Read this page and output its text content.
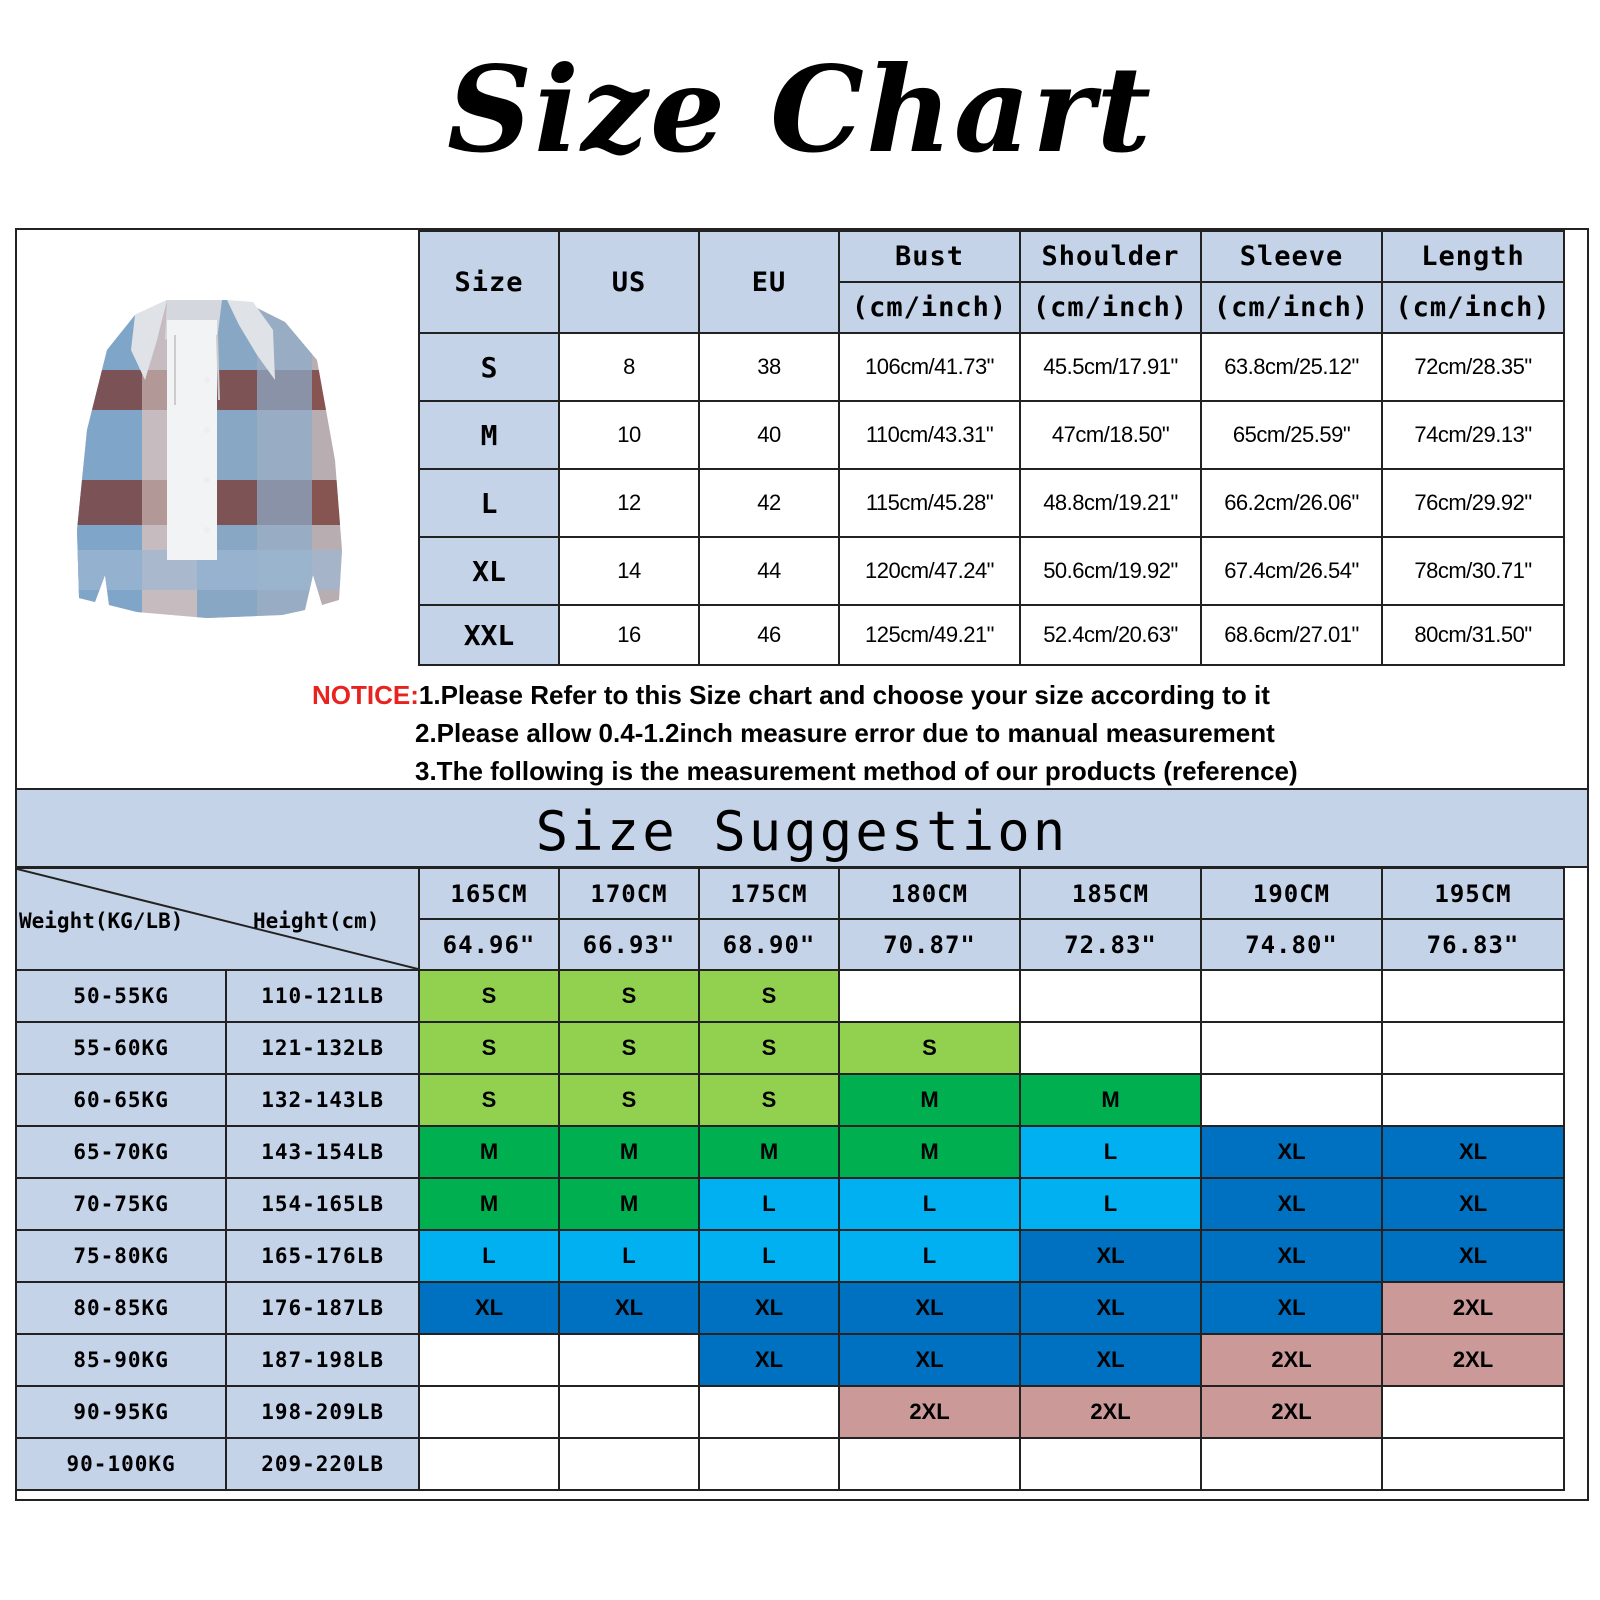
Size Chart
Size	US	EU	Bust	Shoulder	Sleeve	Length
			(cm/inch)	(cm/inch)	(cm/inch)	(cm/inch)
S	8	38	106cm/41.73"	45.5cm/17.91"	63.8cm/25.12"	72cm/28.35"
M	10	40	110cm/43.31"	47cm/18.50"	65cm/25.59"	74cm/29.13"
L	12	42	115cm/45.28"	48.8cm/19.21"	66.2cm/26.06"	76cm/29.92"
XL	14	44	120cm/47.24"	50.6cm/19.92"	67.4cm/26.54"	78cm/30.71"
XXL	16	46	125cm/49.21"	52.4cm/20.63"	68.6cm/27.01"	80cm/31.50"
NOTICE:1.Please Refer to this Size chart and choose your size according to it
2.Please allow 0.4-1.2inch measure error due to manual measurement
3.The following is the measurement method of our products (reference)
Size Suggestion
Weight(KG/LB) Height(cm)		165CM	170CM	175CM	180CM	185CM	190CM	195CM
		64.96"	66.93"	68.90"	70.87"	72.83"	74.80"	76.83"
50-55KG	110-121LB	S	S	S				
55-60KG	121-132LB	S	S	S	S			
60-65KG	132-143LB	S	S	S	M	M		
65-70KG	143-154LB	M	M	M	M	L	XL	XL
70-75KG	154-165LB	M	M	L	L	L	XL	XL
75-80KG	165-176LB	L	L	L	L	XL	XL	XL
80-85KG	176-187LB	XL	XL	XL	XL	XL	XL	2XL
85-90KG	187-198LB			XL	XL	XL	2XL	2XL
90-95KG	198-209LB				2XL	2XL	2XL	
90-100KG	209-220LB							
